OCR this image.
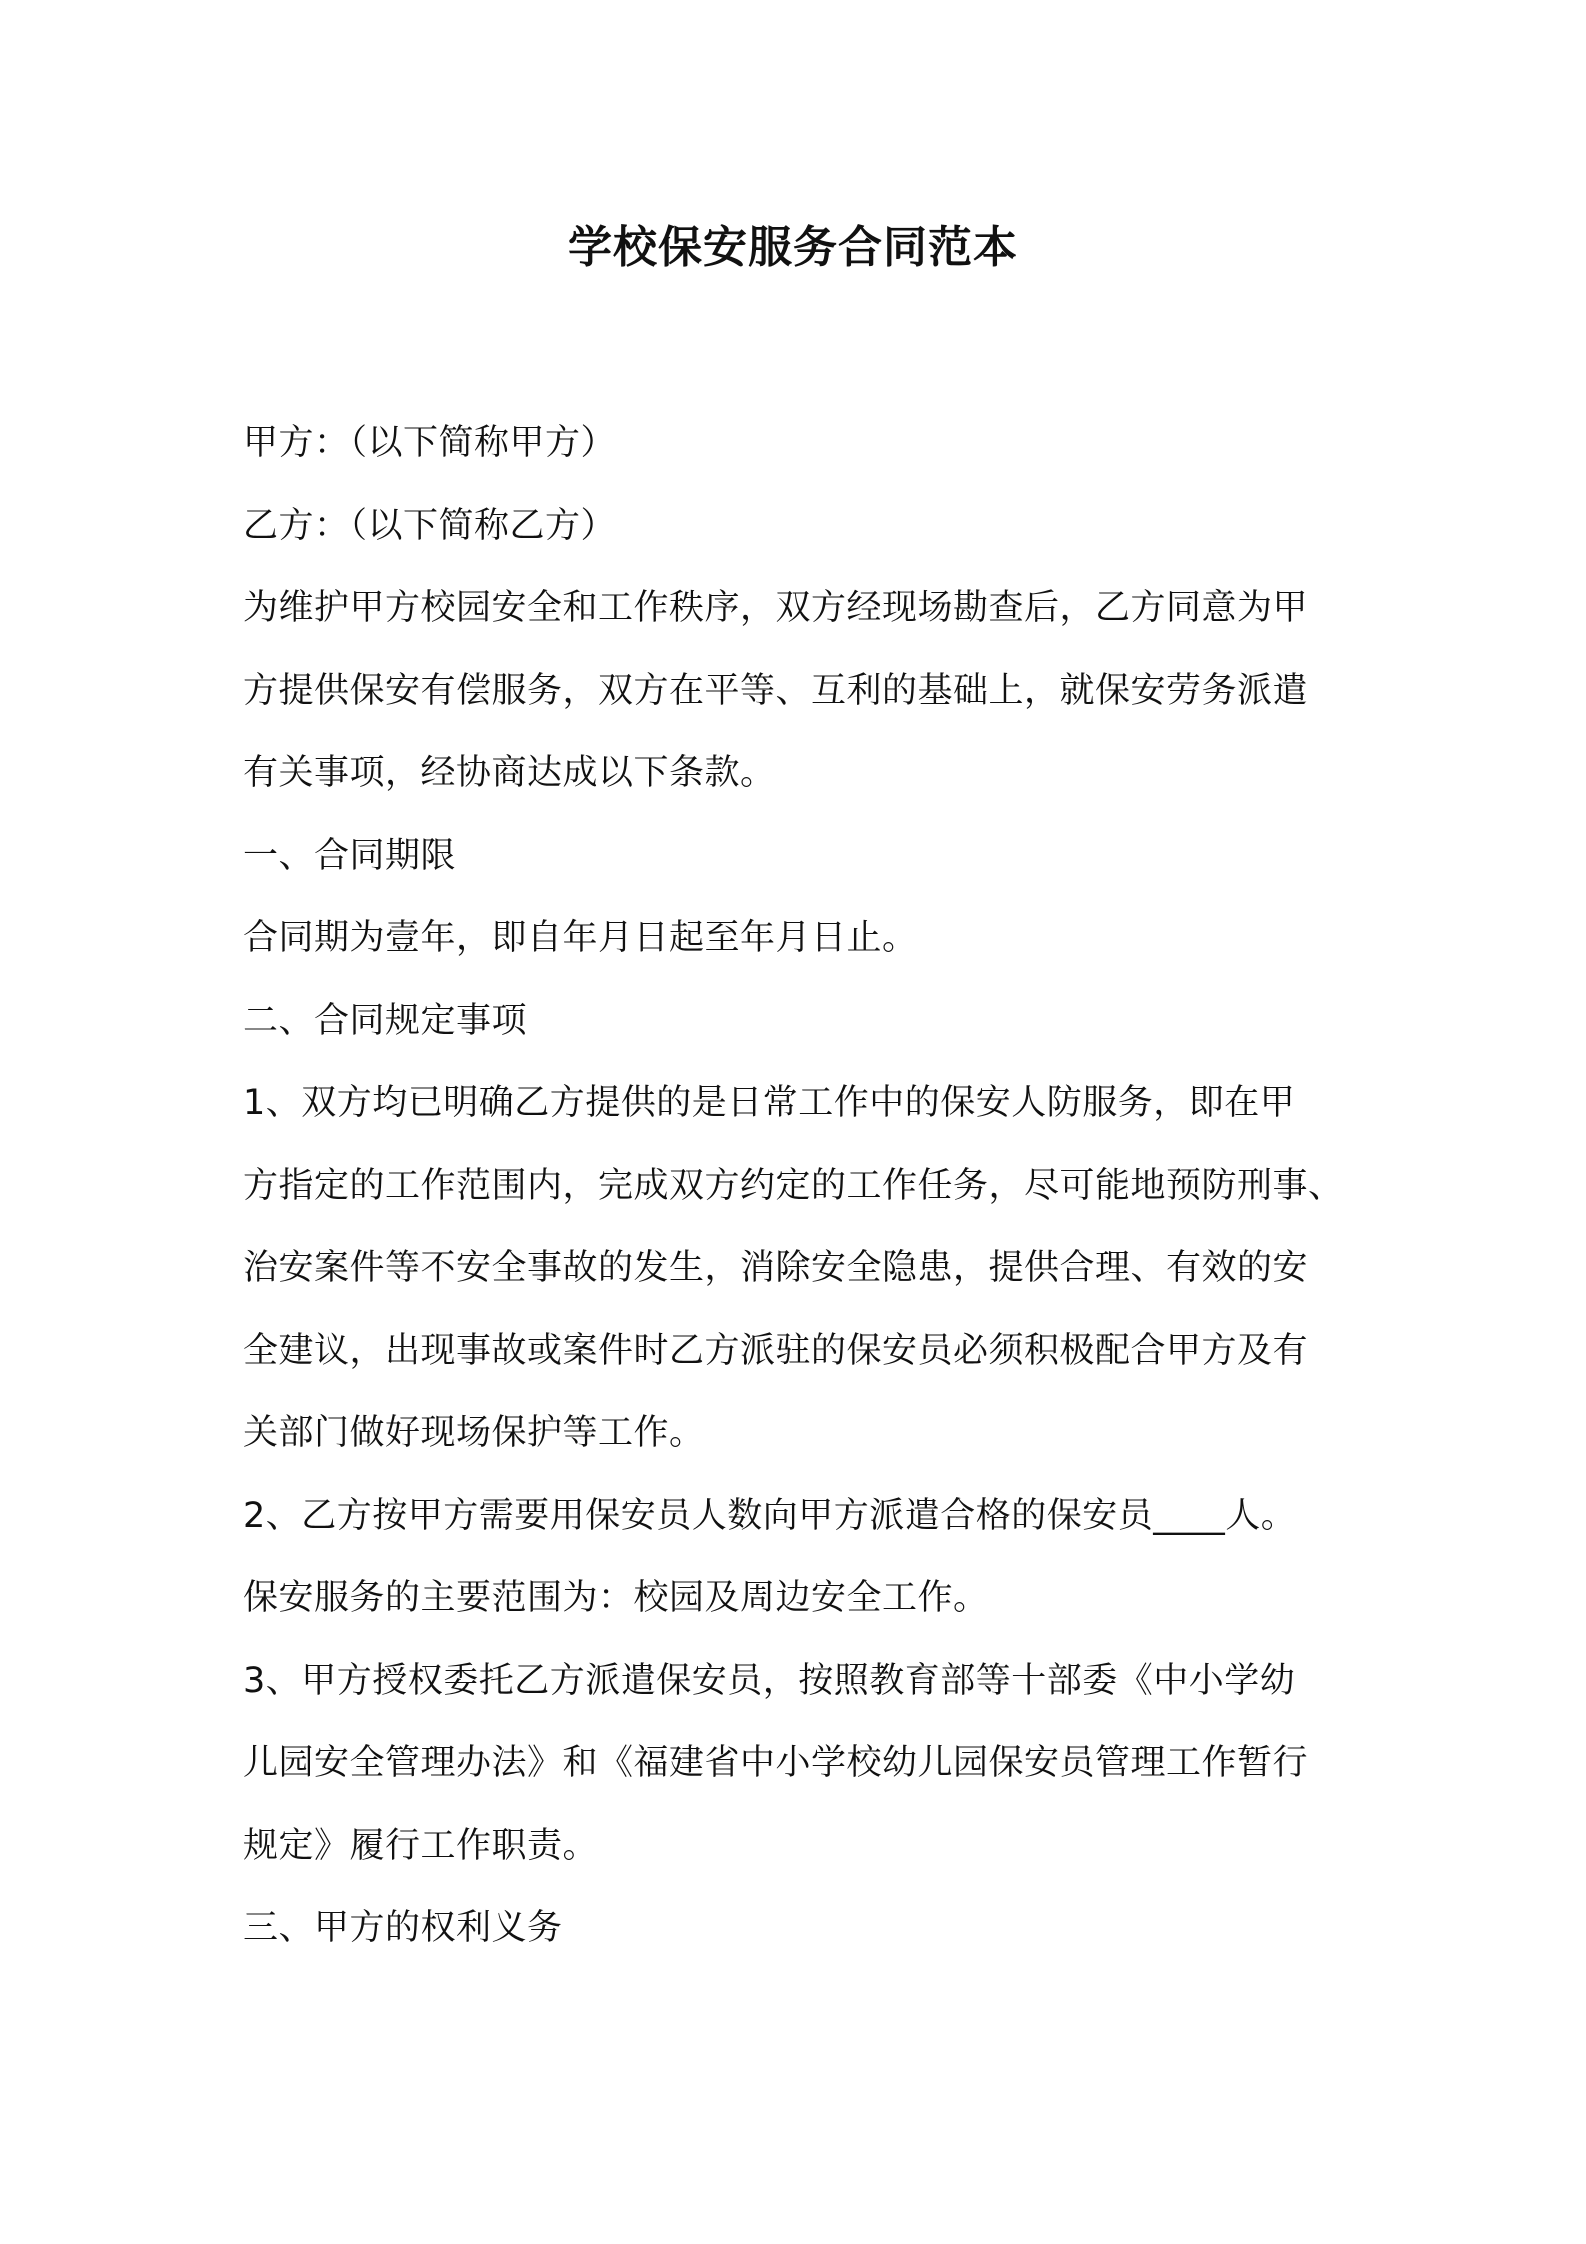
学校保安服务合同范本
甲方：（以下简称甲方）
乙方：（以下简称乙方）
为维护甲方校园安全和工作秩序，双方经现场勘查后，乙方同意为甲
方提供保安有偿服务，双方在平等、互利的基础上，就保安劳务派遣
有关事项，经协商达成以下条款。
一、合同期限
合同期为壹年，即自年月日起至年月日止。
二、合同规定事项
1、双方均已明确乙方提供的是日常工作中的保安人防服务，即在甲
方指定的工作范围内，完成双方约定的工作任务，尽可能地预防刑事、
治安案件等不安全事故的发生，消除安全隐患，提供合理、有效的安
全建议，出现事故或案件时乙方派驻的保安员必须积极配合甲方及有
关部门做好现场保护等工作。
2、乙方按甲方需要用保安员人数向甲方派遣合格的保安员____人。
保安服务的主要范围为：校园及周边安全工作。
3、甲方授权委托乙方派遣保安员，按照教育部等十部委《中小学幼
儿园安全管理办法》和《福建省中小学校幼儿园保安员管理工作暂行
规定》履行工作职责。
三、甲方的权利义务
